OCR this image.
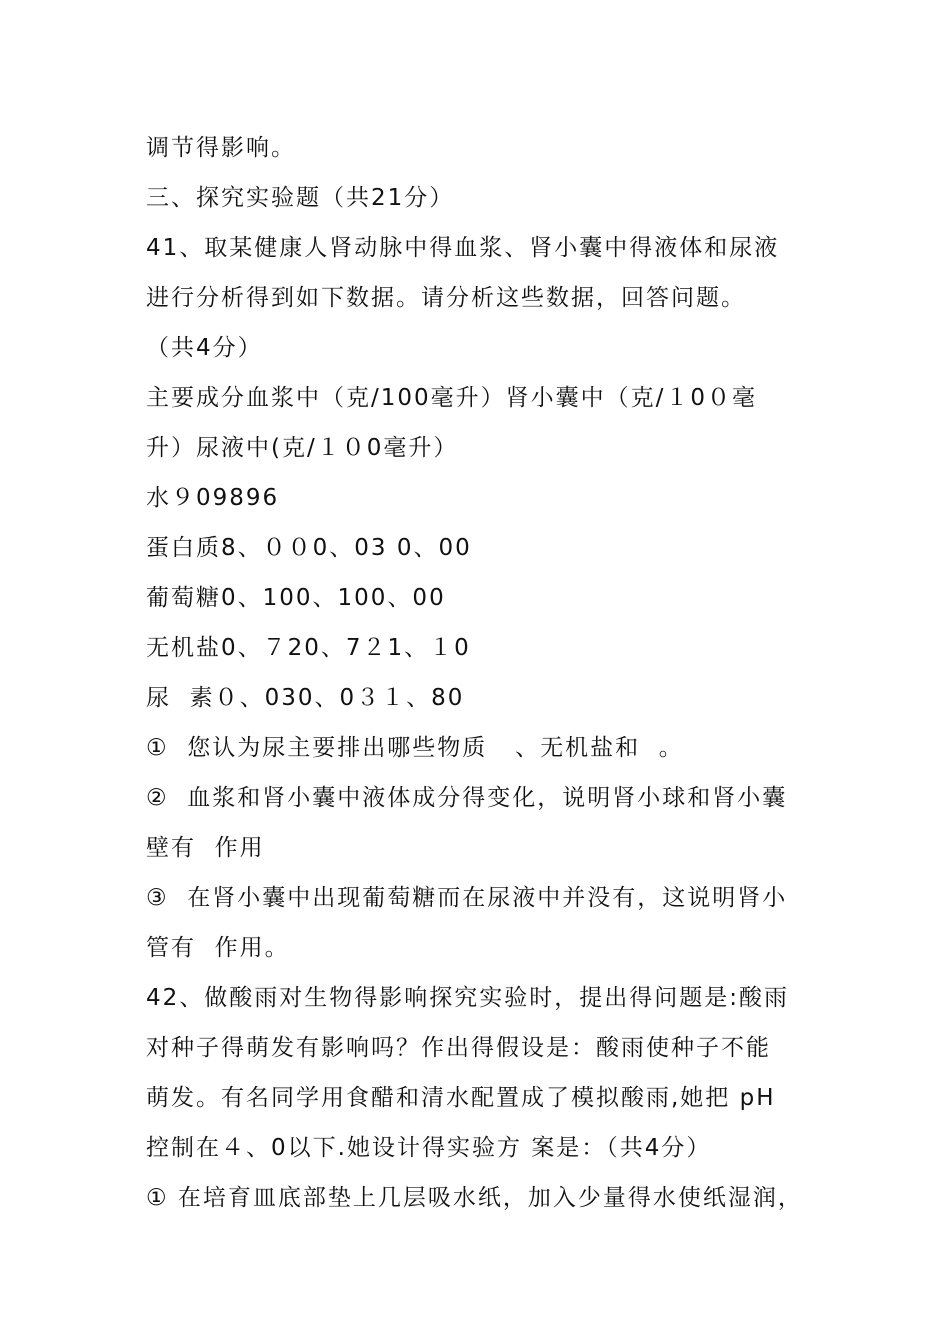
调节得影响。
三、探究实验题（共21分）
41、取某健康人肾动脉中得血浆、肾小囊中得液体和尿液
进行分析得到如下数据。请分析这些数据，回答问题。
（共4分）
主要成分血浆中（克/100毫升）肾小囊中（克/１0０毫
升）尿液中(克/１０0毫升）
水９09896
蛋白质8、００0、03 0、00
葡萄糖0、100、100、00
无机盐0、７20、7２1、１0
尿  素０、030、0３１、80
①  您认为尿主要排出哪些物质   、无机盐和  。
②  血浆和肾小囊中液体成分得变化，说明肾小球和肾小囊
壁有  作用
③  在肾小囊中出现葡萄糖而在尿液中并没有，这说明肾小
管有  作用。
42、做酸雨对生物得影响探究实验时，提出得问题是:酸雨
对种子得萌发有影响吗？作出得假设是：酸雨使种子不能
萌发。有名同学用食醋和清水配置成了模拟酸雨,她把 pH
控制在４、0以下.她设计得实验方 案是：（共4分）
① 在培育皿底部垫上几层吸水纸，加入少量得水使纸湿润，
